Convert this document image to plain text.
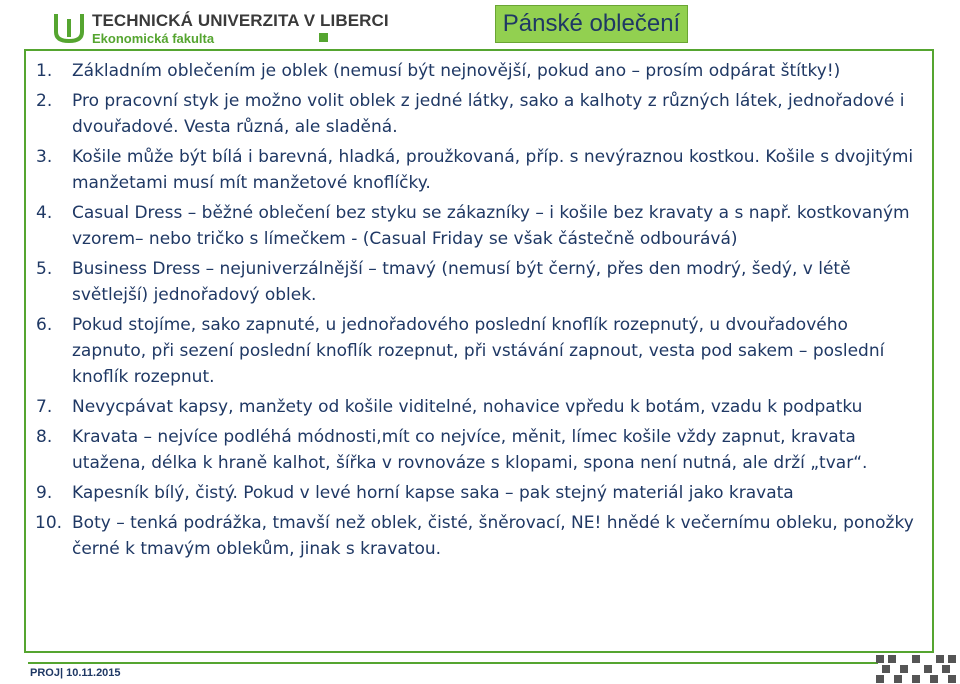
TECHNICKÁ UNIVERZITA V LIBERCI
Ekonomická fakulta
Pánské oblečení
1. Základním oblečením je oblek (nemusí být nejnovější, pokud ano – prosím odpárat štítky!)
2. Pro pracovní styk je možno volit oblek z jedné látky, sako a kalhoty z různých látek, jednořadové i dvouřadové. Vesta různá, ale sladěná.
3. Košile může být bílá i barevná, hladká, proužkovaná, příp. s nevýraznou kostkou. Košile s dvojitými manžetami musí mít manžetové knoflíčky.
4. Casual Dress – běžné oblečení bez styku se zákazníky – i košile bez kravaty a s např. kostkovaným vzorem– nebo tričko s límečkem - (Casual Friday se však částečně odbourává)
5. Business Dress – nejuniverzálnější – tmavý (nemusí být černý, přes den modrý, šedý, v létě světlejší) jednořadový oblek.
6. Pokud stojíme, sako zapnuté, u jednořadového poslední knoflík rozepnutý, u dvouřadového zapnuto, při sezení poslední knoflík rozepnut, při vstávání zapnout, vesta pod sakem – poslední knoflík rozepnut.
7. Nevycpávat kapsy, manžety od košile viditelné, nohavice vpředu k botám, vzadu k podpatku
8. Kravata – nejvíce podléhá módnosti,mít co nejvíce, měnit, límec košile vždy zapnut, kravata utažena, délka k hraně kalhot, šířka v rovnováze s klopami, spona není nutná, ale drží „tvar“.
9. Kapesník bílý, čistý. Pokud v levé horní kapse saka – pak stejný materiál jako kravata
10. Boty – tenká podrážka, tmavší než oblek, čisté, šněrovací, NE! hnědé k večernímu obleku, ponožky černé k tmavým oblekům, jinak s kravatou.
PROJ| 10.11.2015
